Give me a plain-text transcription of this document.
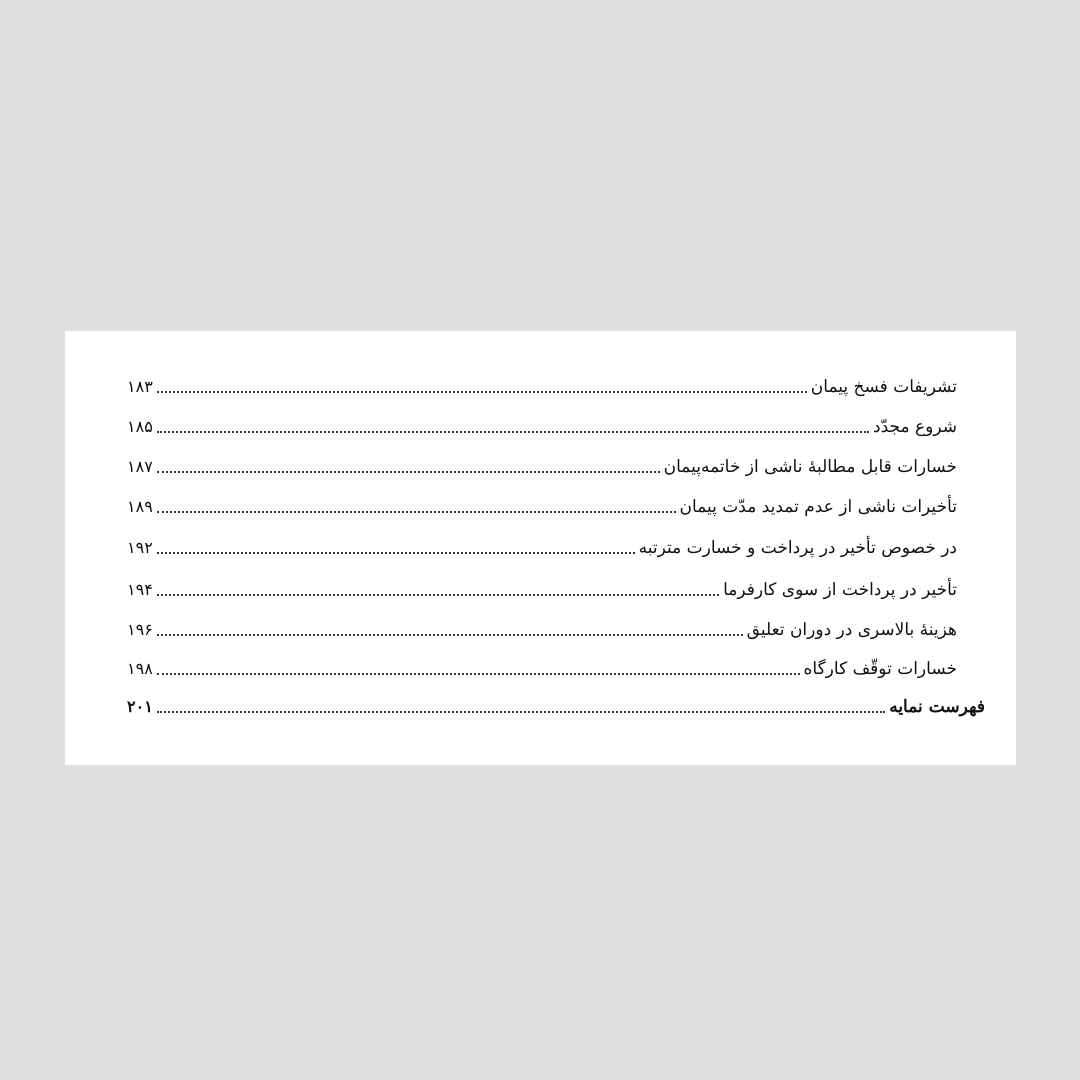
تشریفات فسخ پیمان
۱۸۳
شروع مجدّد
۱۸۵
خسارات قابل مطالبهٔ ناشی از خاتمه‌پیمان
۱۸۷
تأخیرات ناشی از عدم تمدید مدّت پیمان
۱۸۹
در خصوص تأخیر در پرداخت و خسارت مترتبه
۱۹۲
تأخیر در پرداخت از سوی کارفرما
۱۹۴
هزینهٔ بالاسری در دوران تعلیق
۱۹۶
خسارات توقّف کارگاه
۱۹۸
فهرست نمایه
۲۰۱
